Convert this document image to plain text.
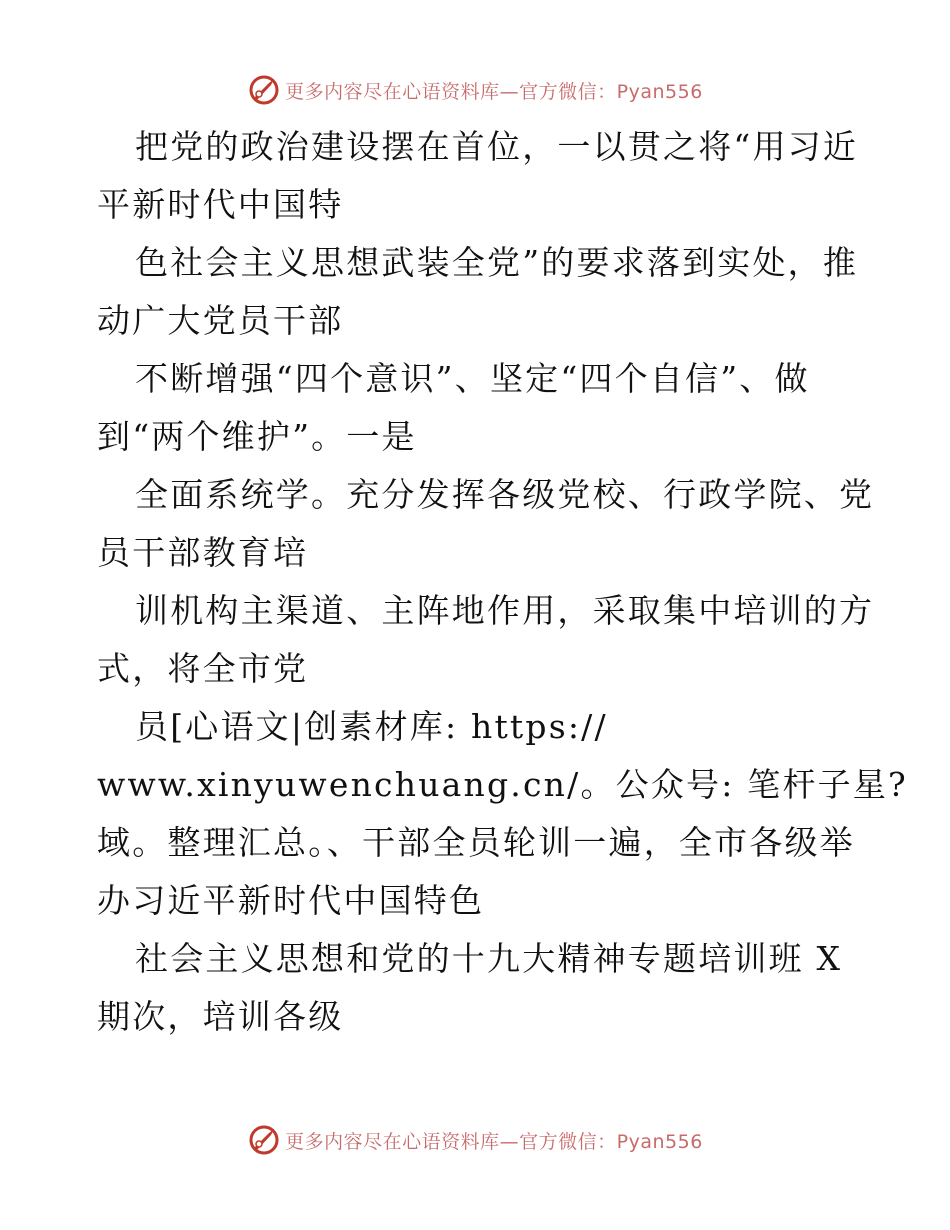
更多内容尽在心语资料库—官方微信：Pyan556
把党的政治建设摆在首位，一以贯之将“用习近
平新时代中国特
色社会主义思想武装全党”的要求落到实处，推
动广大党员干部
不断增强“四个意识”、坚定“四个自信”、做
到“两个维护”。一是
全面系统学。充分发挥各级党校、行政学院、党
员干部教育培
训机构主渠道、主阵地作用，采取集中培训的方
式，将全市党
员[心语文|创素材库: https://
www.xinyuwenchuang.cn/。公众号: 笔杆子星?
域。整理汇总。、干部全员轮训一遍，全市各级举
办习近平新时代中国特色
社会主义思想和党的十九大精神专题培训班 X
期次，培训各级
更多内容尽在心语资料库—官方微信：Pyan556
